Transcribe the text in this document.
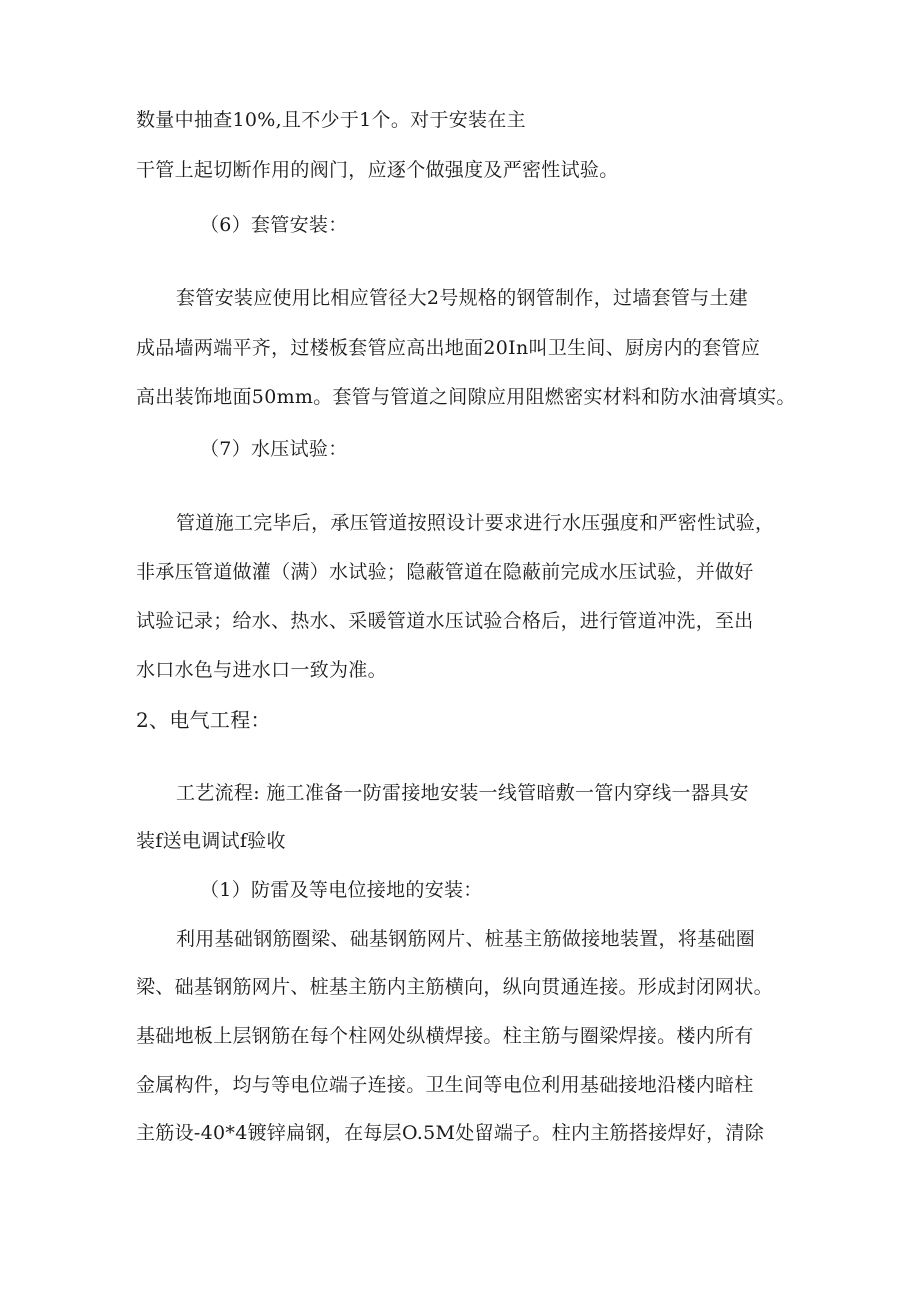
数量中抽查10%,且不少于1个。对于安装在主
干管上起切断作用的阀门，应逐个做强度及严密性试验。
（6）套管安装：
套管安装应使用比相应管径大2号规格的钢管制作，过墙套管与土建
成品墙两端平齐，过楼板套管应高出地面20In叫卫生间、厨房内的套管应
高出装饰地面50mm。套管与管道之间隙应用阻燃密实材料和防水油膏填实。
（7）水压试验：
管道施工完毕后，承压管道按照设计要求进行水压强度和严密性试验，
非承压管道做灌（满）水试验；隐蔽管道在隐蔽前完成水压试验，并做好
试验记录；给水、热水、采暖管道水压试验合格后，进行管道冲洗，至出
水口水色与进水口一致为准。
2、电气工程：
工艺流程: 施工准备一防雷接地安装一线管暗敷一管内穿线一器具安
装f送电调试f验收
（1）防雷及等电位接地的安装：
利用基础钢筋圈梁、础基钢筋网片、桩基主筋做接地装置，将基础圈
梁、础基钢筋网片、桩基主筋内主筋横向，纵向贯通连接。形成封闭网状。
基础地板上层钢筋在每个柱网处纵横焊接。柱主筋与圈梁焊接。楼内所有
金属构件，均与等电位端子连接。卫生间等电位利用基础接地沿楼内暗柱
主筋设-40*4镀锌扁钢，在每层O.5M处留端子。柱内主筋搭接焊好，清除
